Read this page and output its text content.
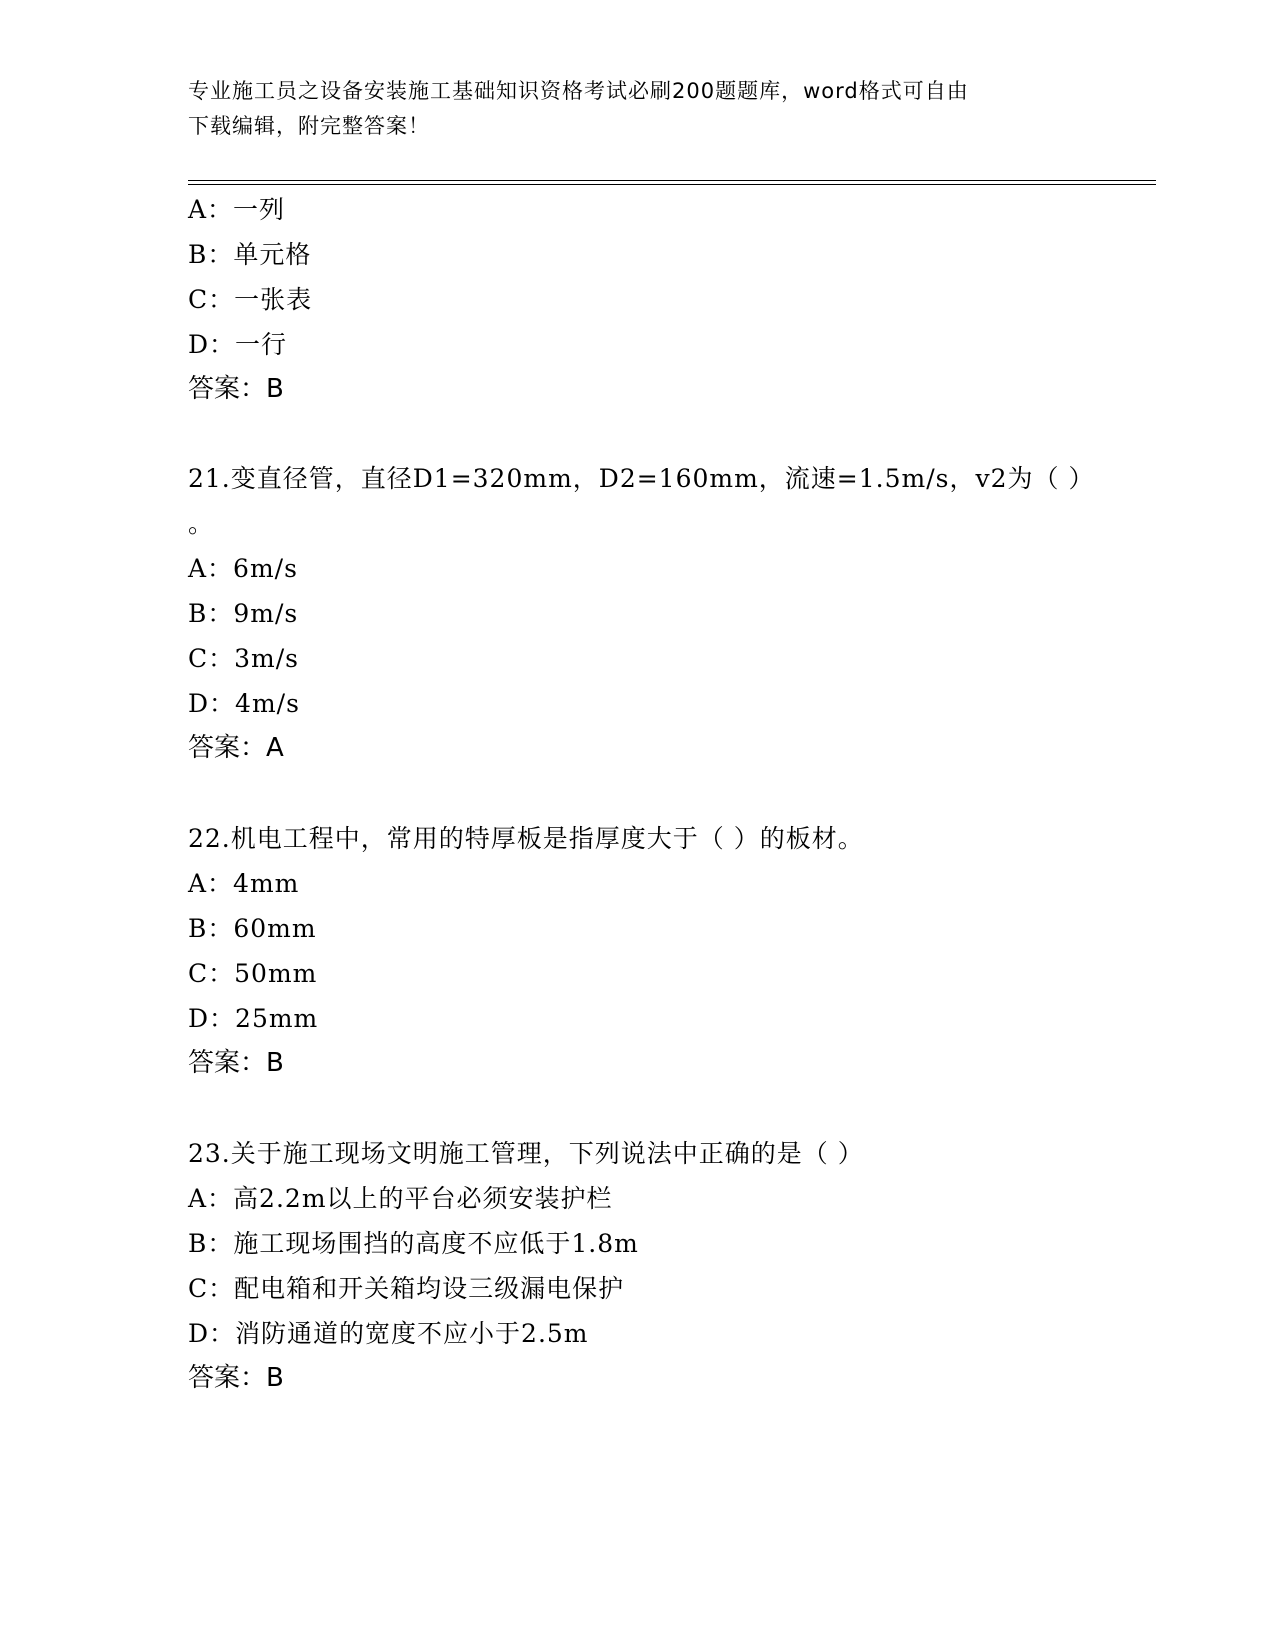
专业施工员之设备安装施工基础知识资格考试必刷200题题库，word格式可自由
下载编辑，附完整答案！
A：一列
B：单元格
C：一张表
D：一行
答案：B
21.变直径管，直径D1=320mm，D2=160mm，流速=1.5m/s，v2为（ ）
。
A：6m/s
B：9m/s
C：3m/s
D：4m/s
答案：A
22.机电工程中，常用的特厚板是指厚度大于（ ）的板材。
A：4mm
B：60mm
C：50mm
D：25mm
答案：B
23.关于施工现场文明施工管理，下列说法中正确的是（ ）
A：高2.2m以上的平台必须安装护栏
B：施工现场围挡的高度不应低于1.8m
C：配电箱和开关箱均设三级漏电保护
D：消防通道的宽度不应小于2.5m
答案：B
